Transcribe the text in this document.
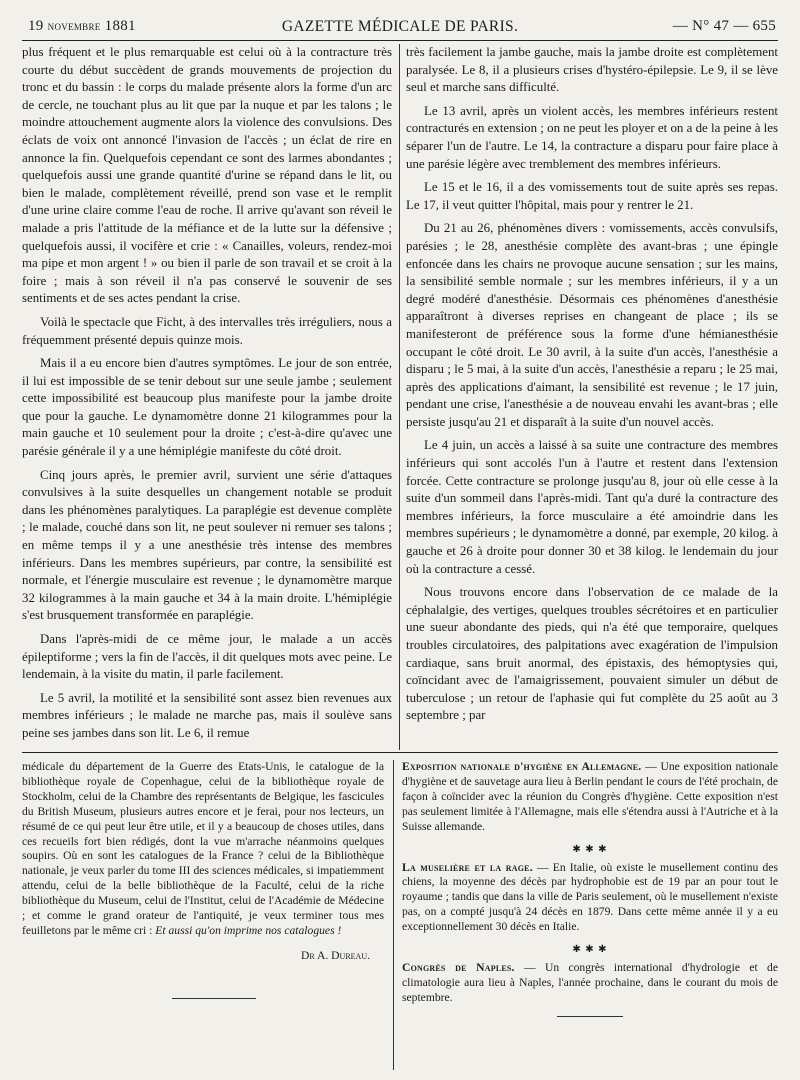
19 novembre 1881	GAZETTE MÉDICALE DE PARIS.	— N° 47 — 655

plus fréquent et le plus remarquable est celui où à la contracture très courte du début succèdent de grands mouvements de projection du tronc et du bassin : le corps du malade présente alors la forme d'un arc de cercle, ne touchant plus au lit que par la nuque et par les talons ; le moindre attouchement augmente alors la violence des convulsions. Des éclats de voix ont annoncé l'invasion de l'accès ; un éclat de rire en annonce la fin. Quelquefois cependant ce sont des larmes abondantes ; quelquefois aussi une grande quantité d'urine se répand dans le lit, ou bien le malade, complètement réveillé, prend son vase et le remplit d'une urine claire comme l'eau de roche. Il arrive qu'avant son réveil le malade a pris l'attitude de la méfiance et de la lutte sur la défensive ; quelquefois aussi, il vocifère et crie : « Canailles, voleurs, rendez-moi ma pipe et mon argent ! » ou bien il parle de son travail et se croit à la foire ; mais à son réveil il n'a pas conservé le souvenir de ses sentiments et de ses actes pendant la crise.

Voilà le spectacle que Ficht, à des intervalles très irréguliers, nous a fréquemment présenté depuis quinze mois.

Mais il a eu encore bien d'autres symptômes. Le jour de son entrée, il lui est impossible de se tenir debout sur une seule jambe ; seulement cette impossibilité est beaucoup plus manifeste pour la jambe droite que pour la gauche. Le dynamomètre donne 21 kilogrammes pour la main gauche et 10 seulement pour la droite ; c'est-à-dire qu'avec une parésie générale il y a une hémiplégie manifeste du côté droit.

Cinq jours après, le premier avril, survient une série d'attaques convulsives à la suite desquelles un changement notable se produit dans les phénomènes paralytiques. La paraplégie est devenue complète ; le malade, couché dans son lit, ne peut soulever ni remuer ses talons ; en même temps il y a une anesthésie très intense des membres inférieurs. Dans les membres supérieurs, par contre, la sensibilité est normale, et l'énergie musculaire est revenue ; le dynamomètre marque 32 kilogrammes à la main gauche et 34 à la main droite. L'hémiplégie s'est brusquement transformée en paraplégie.

Dans l'après-midi de ce même jour, le malade a un accès épileptiforme ; vers la fin de l'accès, il dit quelques mots avec peine. Le lendemain, à la visite du matin, il parle facilement.

Le 5 avril, la motilité et la sensibilité sont assez bien revenues aux membres inférieurs ; le malade ne marche pas, mais il soulève sans peine ses jambes dans son lit. Le 6, il remue

très facilement la jambe gauche, mais la jambe droite est complètement paralysée. Le 8, il a plusieurs crises d'hystéro-épilepsie. Le 9, il se lève seul et marche sans difficulté.

Le 13 avril, après un violent accès, les membres inférieurs restent contracturés en extension ; on ne peut les ployer et on a de la peine à les séparer l'un de l'autre. Le 14, la contracture a disparu pour faire place à une parésie légère avec tremblement des membres inférieurs.

Le 15 et le 16, il a des vomissements tout de suite après ses repas. Le 17, il veut quitter l'hôpital, mais pour y rentrer le 21.

Du 21 au 26, phénomènes divers : vomissements, accès convulsifs, parésies ; le 28, anesthésie complète des avant-bras ; une épingle enfoncée dans les chairs ne provoque aucune sensation ; sur les mains, la sensibilité semble normale ; sur les membres inférieurs, il y a un degré modéré d'anesthésie. Désormais ces phénomènes d'anesthésie apparaîtront à diverses reprises en changeant de place ; ils se manifesteront de préférence sous la forme d'une hémianesthésie occupant le côté droit. Le 30 avril, à la suite d'un accès, l'anesthésie a disparu ; le 5 mai, à la suite d'un accès, l'anesthésie a reparu ; le 25 mai, après des applications d'aimant, la sensibilité est revenue ; le 17 juin, pendant une crise, l'anesthésie a de nouveau envahi les avant-bras ; elle persiste jusqu'au 21 et disparaît à la suite d'un nouvel accès.

Le 4 juin, un accès a laissé à sa suite une contracture des membres inférieurs qui sont accolés l'un à l'autre et restent dans l'extension forcée. Cette contracture se prolonge jusqu'au 8, jour où elle cesse à la suite d'un sommeil dans l'après-midi. Tant qu'a duré la contracture des membres inférieurs, la force musculaire a été amoindrie dans les membres supérieurs ; le dynamomètre a donné, par exemple, 20 kilog. à gauche et 26 à droite pour donner 30 et 38 kilog. le lendemain du jour où la contracture a cessé.

Nous trouvons encore dans l'observation de ce malade de la céphalalgie, des vertiges, quelques troubles sécrétoires et en particulier une sueur abondante des pieds, qui n'a été que temporaire, quelques troubles circulatoires, des palpitations avec exagération de l'impulsion cardiaque, sans bruit anormal, des épistaxis, des hémoptysies qui, coïncidant avec de l'amaigrissement, pouvaient simuler un début de tuberculose ; un retour de l'aphasie qui fut complète du 25 août au 3 septembre ; par

médicale du département de la Guerre des Etats-Unis, le catalogue de la bibliothèque royale de Copenhague, celui de la bibliothèque royale de Stockholm, celui de la Chambre des représentants de Belgique, les fascicules du British Museum, plusieurs autres encore et je ferai, pour nos lecteurs, un résumé de ce qui peut leur être utile, et il y a beaucoup de choses utiles, dans ces recueils fort bien rédigés, dont la vue m'arrache néanmoins quelques soupirs. Où en sont les catalogues de la France ? celui de la Bibliothèque nationale, je veux parler du tome III des sciences médicales, si impatiemment attendu, celui de la belle bibliothèque de la Faculté, celui de la riche bibliothèque du Museum, celui de l'Institut, celui de l'Académie de Médecine ; et comme le grand orateur de l'antiquité, je veux terminer tous mes feuilletons par le même cri : Et aussi qu'on imprime nos catalogues !

Dr A. Dureau.

Exposition nationale d'hygiène en Allemagne. — Une exposition nationale d'hygiène et de sauvetage aura lieu à Berlin pendant le cours de l'été prochain, de façon à coïncider avec la réunion du Congrès d'hygiène. Cette exposition n'est pas seulement limitée à l'Allemagne, mais elle s'étendra aussi à l'Autriche et à la Suisse allemande.

✱ ✱ ✱

La muselière et la rage. — En Italie, où existe le musellement continu des chiens, la moyenne des décès par hydrophobie est de 19 par an pour tout le royaume ; tandis que dans la ville de Paris seulement, où le musellement n'existe pas, on a compté jusqu'à 24 décès en 1879. Dans cette même année il y a eu exceptionnellement 30 décès en Italie.

✱ ✱ ✱

Congrès de Naples. — Un congrès international d'hydrologie et de climatologie aura lieu à Naples, l'année prochaine, dans le courant du mois de septembre.
